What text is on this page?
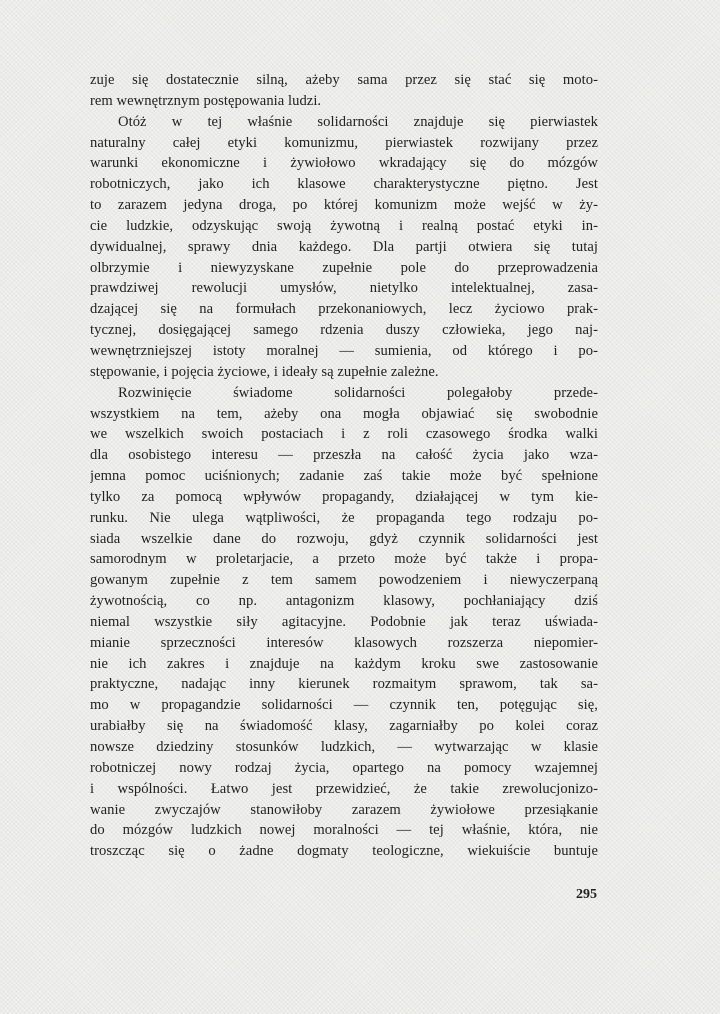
zuje się dostatecznie silną, ażeby sama przez się stać się moto-
rem wewnętrznym postępowania ludzi.
Otóż w tej właśnie solidarności znajduje się pierwiastek
naturalny całej etyki komunizmu, pierwiastek rozwijany przez
warunki ekonomiczne i żywiołowo wkradający się do mózgów
robotniczych, jako ich klasowe charakterystyczne piętno. Jest
to zarazem jedyna droga, po której komunizm może wejść w ży-
cie ludzkie, odzyskując swoją żywotną i realną postać etyki in-
dywidualnej, sprawy dnia każdego. Dla partji otwiera się tutaj
olbrzymie i niewyzyskane zupełnie pole do przeprowadzenia
prawdziwej rewolucji umysłów, nietylko intelektualnej, zasa-
dzającej się na formułach przekonaniowych, lecz życiowo prak-
tycznej, dosięgającej samego rdzenia duszy człowieka, jego naj-
wewnętrzniejszej istoty moralnej — sumienia, od którego i po-
stępowanie, i pojęcia życiowe, i ideały są zupełnie zależne.
Rozwinięcie świadome solidarności polegałoby przede-
wszystkiem na tem, ażeby ona mogła objawiać się swobodnie
we wszelkich swoich postaciach i z roli czasowego środka walki
dla osobistego interesu — przeszła na całość życia jako wza-
jemna pomoc uciśnionych; zadanie zaś takie może być spełnione
tylko za pomocą wpływów propagandy, działającej w tym kie-
runku. Nie ulega wątpliwości, że propaganda tego rodzaju po-
siada wszelkie dane do rozwoju, gdyż czynnik solidarności jest
samorodnym w proletarjacie, a przeto może być także i propa-
gowanym zupełnie z tem samem powodzeniem i niewyczerpaną
żywotnością, co np. antagonizm klasowy, pochłaniający dziś
niemal wszystkie siły agitacyjne. Podobnie jak teraz uświada-
mianie sprzeczności interesów klasowych rozszerza niepomier-
nie ich zakres i znajduje na każdym kroku swe zastosowanie
praktyczne, nadając inny kierunek rozmaitym sprawom, tak sa-
mo w propagandzie solidarności — czynnik ten, potęgując się,
urabiałby się na świadomość klasy, zagarniałby po kolei coraz
nowsze dziedziny stosunków ludzkich, — wytwarzając w klasie
robotniczej nowy rodzaj życia, opartego na pomocy wzajemnej
i wspólności. Łatwo jest przewidzieć, że takie zrewolucjonizo-
wanie zwyczajów stanowiłoby zarazem żywiołowe przesiąkanie
do mózgów ludzkich nowej moralności — tej właśnie, która, nie
troszcząc się o żadne dogmaty teologiczne, wiekuiście buntuje
295
